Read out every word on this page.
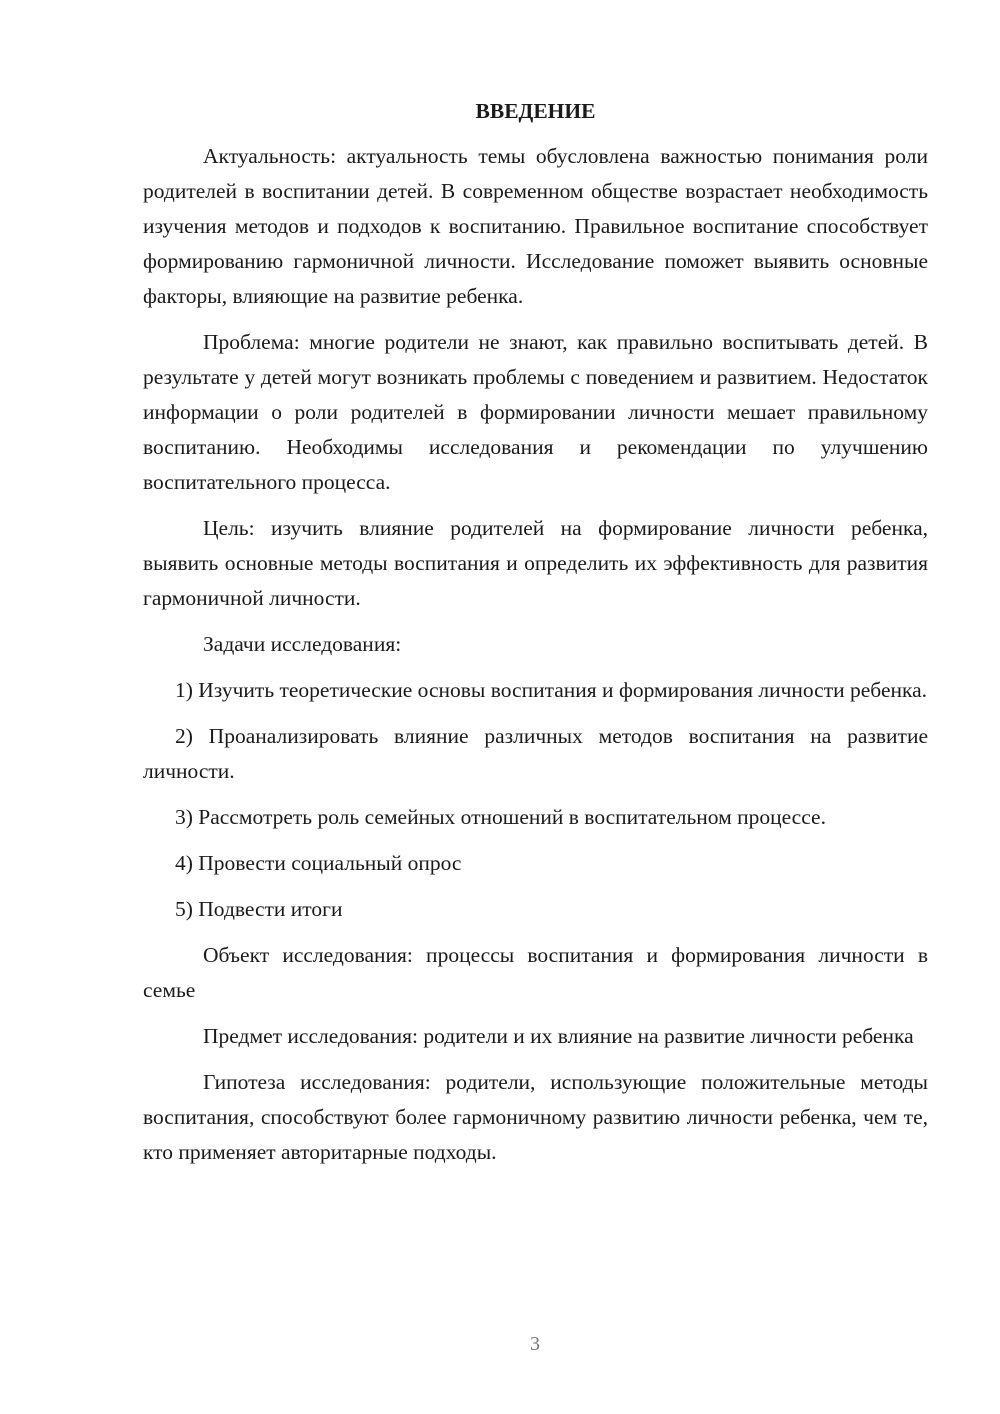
ВВЕДЕНИЕ

Актуальность: актуальность темы обусловлена важностью понимания роли родителей в воспитании детей. В современном обществе возрастает необходимость изучения методов и подходов к воспитанию. Правильное воспитание способствует формированию гармоничной личности. Исследование поможет выявить основные факторы, влияющие на развитие ребенка.

Проблема: многие родители не знают, как правильно воспитывать детей. В результате у детей могут возникать проблемы с поведением и развитием. Недостаток информации о роли родителей в формировании личности мешает правильному воспитанию. Необходимы исследования и рекомендации по улучшению воспитательного процесса.

Цель: изучить влияние родителей на формирование личности ребенка, выявить основные методы воспитания и определить их эффективность для развития гармоничной личности.

Задачи исследования:

1) Изучить теоретические основы воспитания и формирования личности ребенка.

2) Проанализировать влияние различных методов воспитания на развитие личности.

3) Рассмотреть роль семейных отношений в воспитательном процессе.

4) Провести социальный опрос

5) Подвести итоги

Объект исследования: процессы воспитания и формирования личности в семье

Предмет исследования: родители и их влияние на развитие личности ребенка

Гипотеза исследования: родители, использующие положительные методы воспитания, способствуют более гармоничному развитию личности ребенка, чем те, кто применяет авторитарные подходы.

3
